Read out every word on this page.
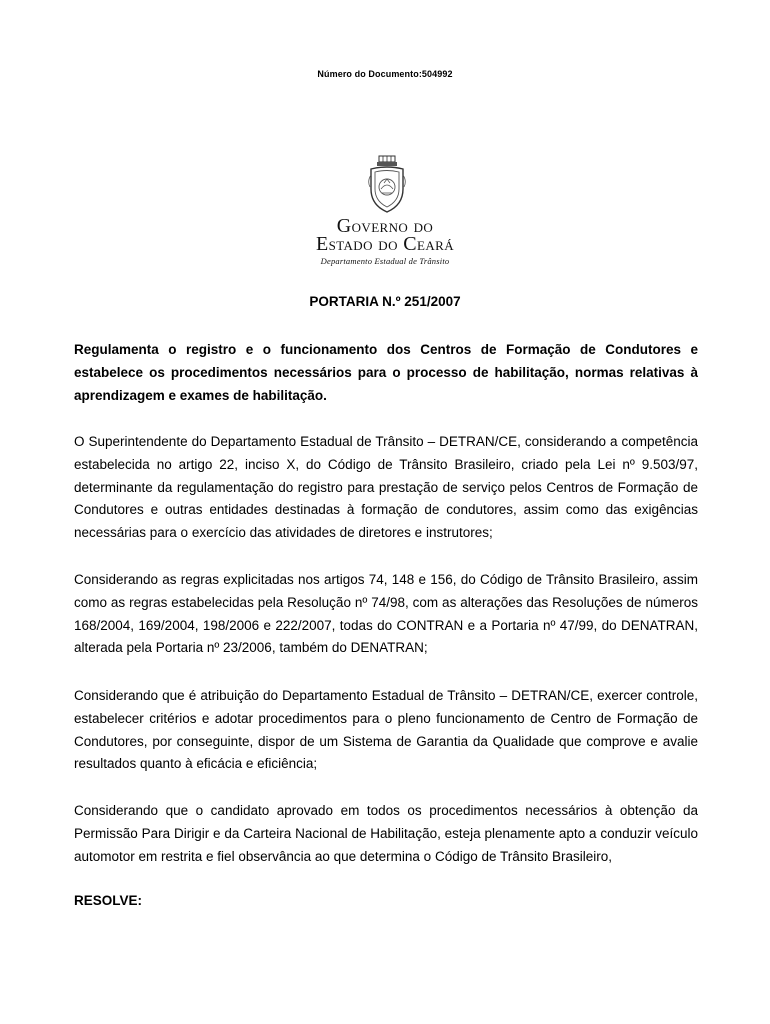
Número do Documento:504992
GOVERNO DO
ESTADO DO CEARÁ
Departamento Estadual de Trânsito
PORTARIA N.º 251/2007

Regulamenta o registro e o funcionamento dos Centros de Formação de Condutores e estabelece os procedimentos necessários para o processo de habilitação, normas relativas à aprendizagem e exames de habilitação.

O Superintendente do Departamento Estadual de Trânsito – DETRAN/CE, considerando a competência estabelecida no artigo 22, inciso X, do Código de Trânsito Brasileiro, criado pela Lei nº 9.503/97, determinante da regulamentação do registro para prestação de serviço pelos Centros de Formação de Condutores e outras entidades destinadas à formação de condutores, assim como das exigências necessárias para o exercício das atividades de diretores e instrutores;

Considerando as regras explicitadas nos artigos 74, 148 e 156, do Código de Trânsito Brasileiro, assim como as regras estabelecidas pela Resolução nº 74/98, com as alterações das Resoluções de números 168/2004, 169/2004, 198/2006 e 222/2007, todas do CONTRAN e a Portaria nº 47/99, do DENATRAN, alterada pela Portaria nº 23/2006, também do DENATRAN;

Considerando que é atribuição do Departamento Estadual de Trânsito – DETRAN/CE, exercer controle, estabelecer critérios e adotar procedimentos para o pleno funcionamento de Centro de Formação de Condutores, por conseguinte, dispor de um Sistema de Garantia da Qualidade que comprove e avalie resultados quanto à eficácia e eficiência;

Considerando que o candidato aprovado em todos os procedimentos necessários à obtenção da Permissão Para Dirigir e da Carteira Nacional de Habilitação, esteja plenamente apto a conduzir veículo automotor em restrita e fiel observância ao que determina o Código de Trânsito Brasileiro,

RESOLVE:
